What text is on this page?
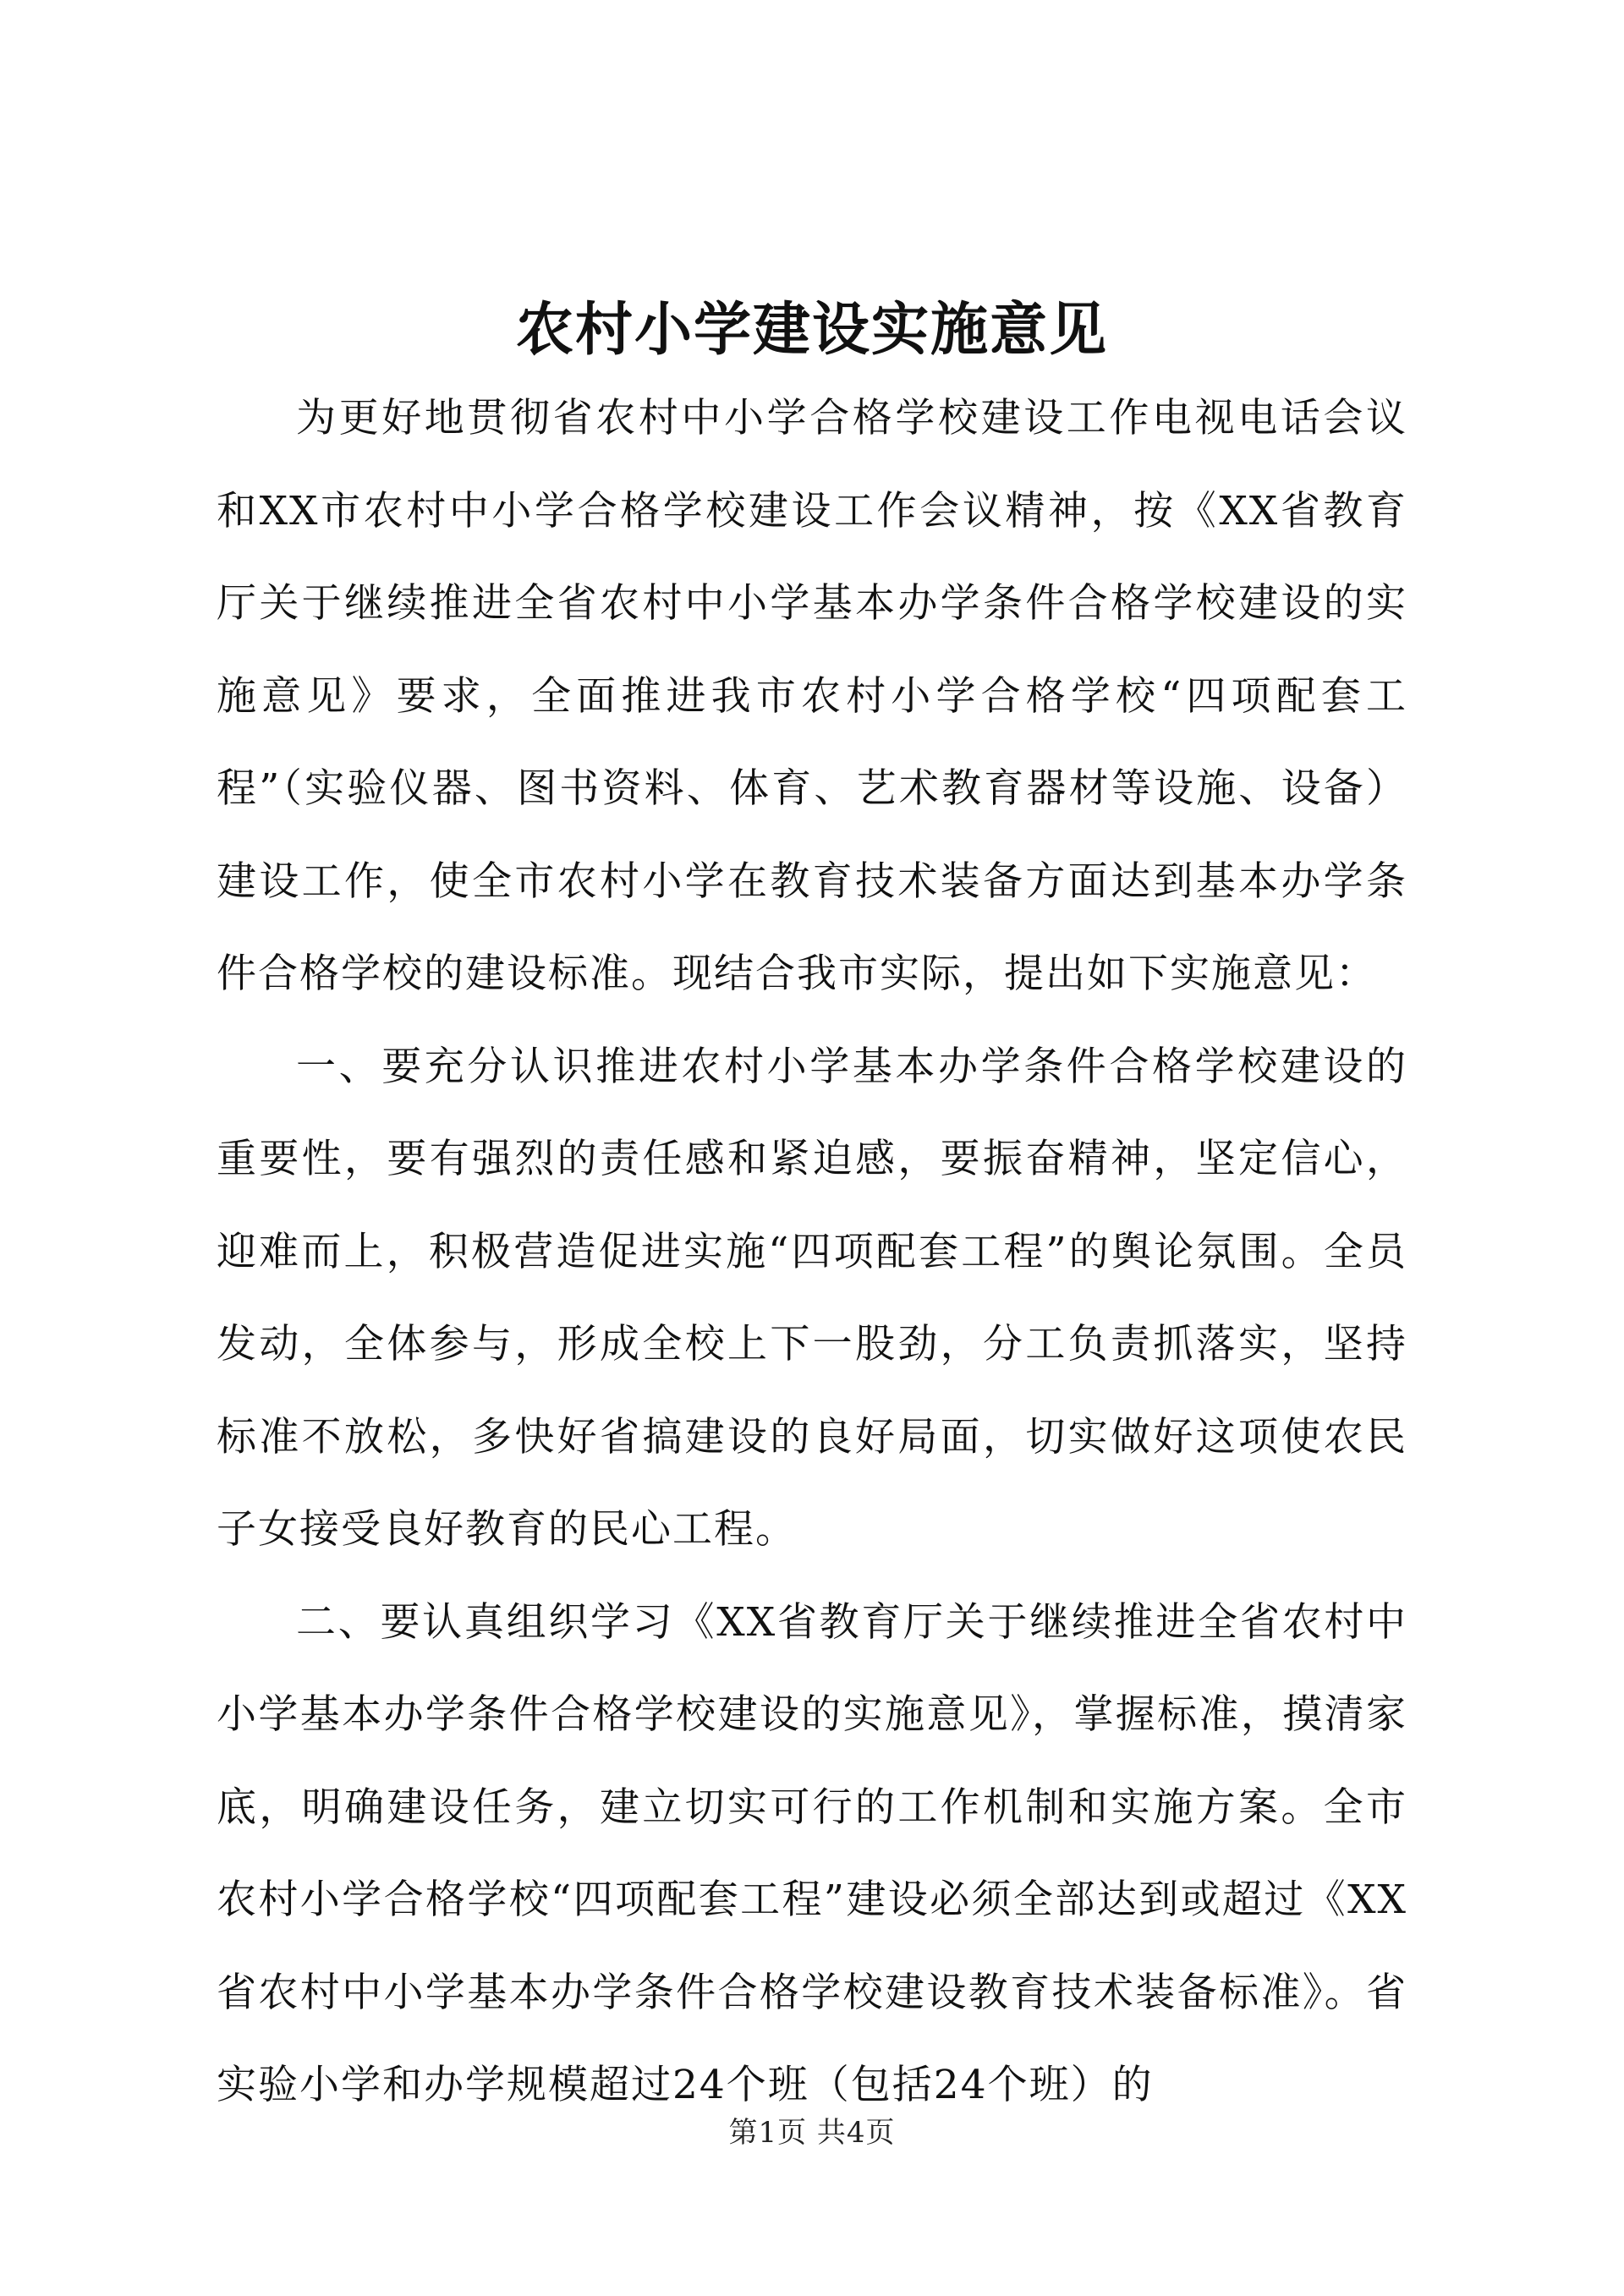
农村小学建设实施意见

为更好地贯彻省农村中小学合格学校建设工作电视电话会议和XX市农村中小学合格学校建设工作会议精神，按《XX省教育厅关于继续推进全省农村中小学基本办学条件合格学校建设的实施意见》要求，全面推进我市农村小学合格学校“四项配套工程”（实验仪器、图书资料、体育、艺术教育器材等设施、设备）建设工作，使全市农村小学在教育技术装备方面达到基本办学条件合格学校的建设标准。现结合我市实际，提出如下实施意见：

一、要充分认识推进农村小学基本办学条件合格学校建设的重要性，要有强烈的责任感和紧迫感，要振奋精神，坚定信心，迎难而上，积极营造促进实施“四项配套工程”的舆论氛围。全员发动，全体参与，形成全校上下一股劲，分工负责抓落实，坚持标准不放松，多快好省搞建设的良好局面，切实做好这项使农民子女接受良好教育的民心工程。

二、要认真组织学习《XX省教育厅关于继续推进全省农村中小学基本办学条件合格学校建设的实施意见》，掌握标准，摸清家底，明确建设任务，建立切实可行的工作机制和实施方案。全市农村小学合格学校“四项配套工程”建设必须全部达到或超过《XX省农村中小学基本办学条件合格学校建设教育技术装备标准》。省实验小学和办学规模超过24个班（包括24个班）的

第1页 共4页
